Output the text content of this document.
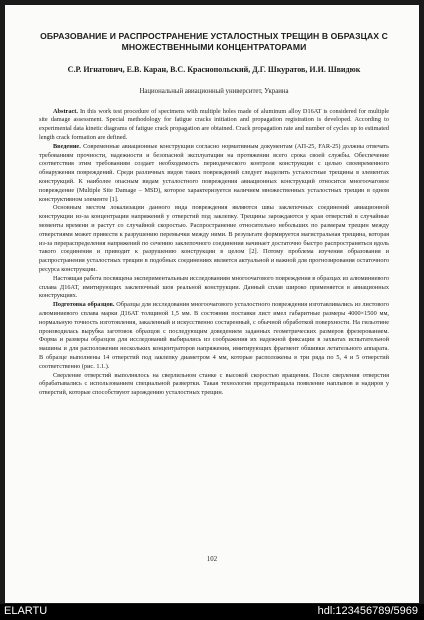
ОБРАЗОВАНИЕ И РАСПРОСТРАНЕНИЕ УСТАЛОСТНЫХ ТРЕЩИН В ОБРАЗЦАХ С МНОЖЕСТВЕННЫМИ КОНЦЕНТРАТОРАМИ
С.Р. Игнатович, Е.В. Каран, В.С. Краснопольский, Д.Г. Шкуратов, И.И. Швидюк
Национальный авиационный университет, Украина

Abstract. In this work test procedure of specimens with multiple holes made of aluminum alloy D16AT is considered for multiple site damage assessment. Special methodology for fatigue cracks initiation and propagation registration is developed. According to experimental data kinetic diagrams of fatigue crack propagation are obtained. Crack propagation rate and number of cycles up to estimated length crack formation are defined.

Введение. Современные авиационные конструкции согласно нормативным документам (АП-25, FAR-25) должны отвечать требованиям прочности, надежности и безопасной эксплуатации на протяжении всего срока своей службы. Обеспечение соответствия этим требованиям создает необходимость периодического контроля конструкции с целью своевременного обнаружения повреждений. Среди различных видов таких повреждений следует выделить усталостные трещины в элементах конструкций. К наиболее опасным видам усталостного повреждения авиационных конструкций относится многоочаговое повреждение (Multiple Site Damage – MSD), которое характеризуется наличием множественных усталостных трещин в одном конструктивном элементе [1].

Основным местом локализации данного вида повреждения являются швы заклепочных соединений авиационной конструкции из-за концентрации напряжений у отверстий под заклепку. Трещины зарождаются у края отверстий в случайные моменты времени и растут со случайной скоростью. Распространение относительно небольших по размерам трещин между отверстиями может привести к разрушению перемычки между ними. В результате формируется магистральная трещина, которая из-за перераспределения напряжений по сечению заклепочного соединения начинает достаточно быстро распространяться вдоль такого соединения и приводит к разрушению конструкции в целом [2]. Потому проблема изучения образования и распространения усталостных трещин в подобных соединениях является актуальной и важной для прогнозирования остаточного ресурса конструкции.

Настоящая работа посвящена экспериментальным исследованиям многоочагового повреждения в образцах из алюминиевого сплава Д16АТ, имитирующих заклепочный шов реальной конструкции. Данный сплав широко применяется в авиационных конструкциях.

Подготовка образцов. Образцы для исследования многоочагового усталостного повреждения изготавливались из листового алюминиевого сплава марки Д16АТ толщиной 1,5 мм. В состоянии поставки лист имел габаритные размеры 4000×1500 мм, нормальную точность изготовления, закаленный и искусственно состаренный, с обычной обработкой поверхности. На гильотине производилась вырубка заготовок образцов с последующим доведением заданных геометрических размеров фрезерованием. Форма и размеры образцов для исследований выбирались из соображения их надежной фиксации в захватах испытательной машины и для расположения нескольких концентраторов напряжения, имитирующих фрагмент обшивки летательного аппарата. В образце выполнены 14 отверстий под заклепку диаметром 4 мм, которые расположены в три ряда по 5, 4 и 5 отверстий соответственно (рис. 1.1.).

Сверление отверстий выполнялось на сверлильном станке с высокой скоростью вращения. После сверления отверстия обрабатывались с использованием специальной развертки. Такая технология предотвращала появление наплывов и надиров у отверстий, которые способствуют зарождению усталостных трещин.

102
ELARTU	hdl:123456789/5969
